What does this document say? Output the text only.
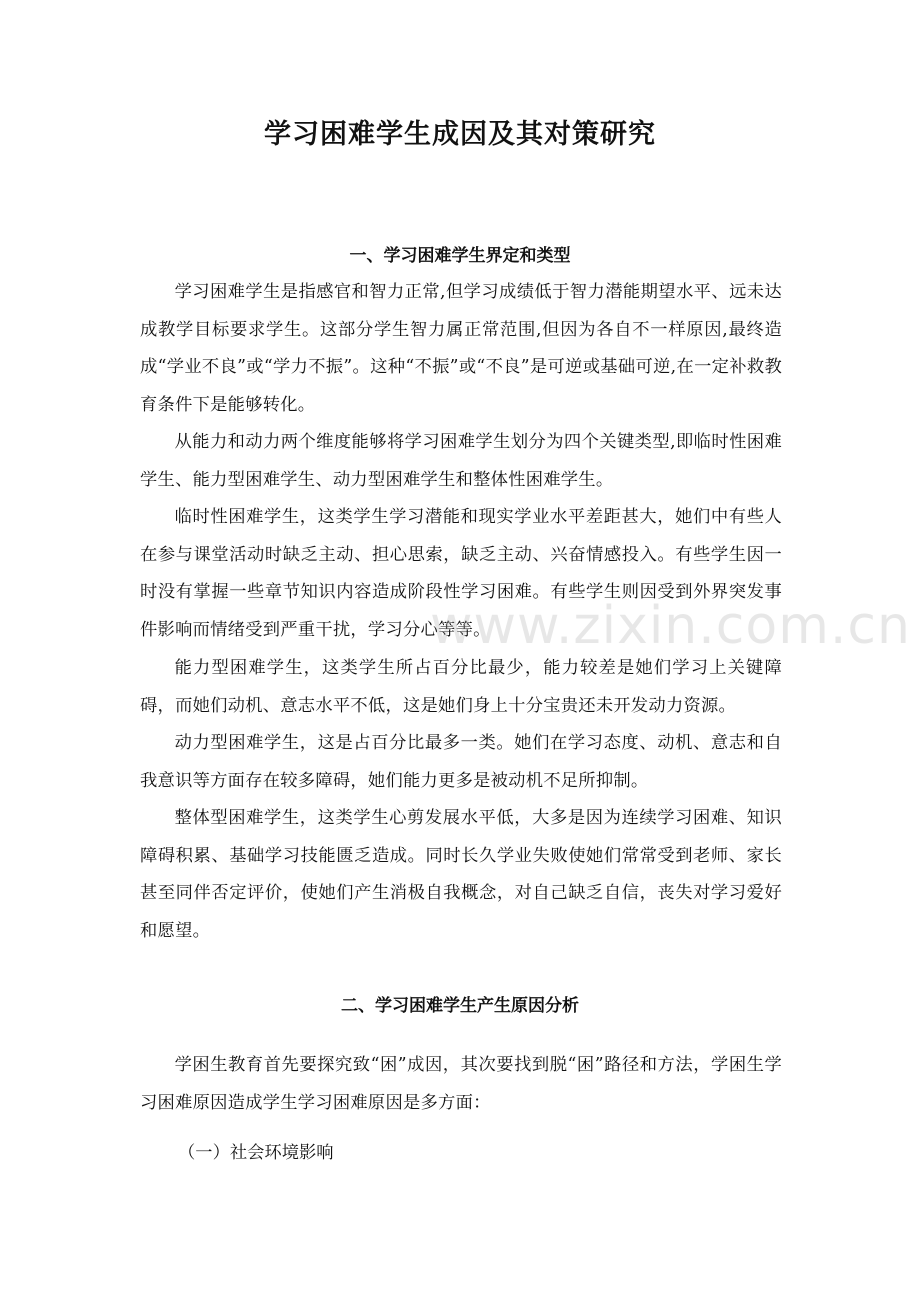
学习困难学生成因及其对策研究
一、学习困难学生界定和类型

学习困难学生是指感官和智力正常,但学习成绩低于智力潜能期望水平、远未达成教学目标要求学生。这部分学生智力属正常范围,但因为各自不一样原因,最终造成“学业不良”或“学力不振”。这种“不振”或“不良”是可逆或基础可逆,在一定补救教育条件下是能够转化。

从能力和动力两个维度能够将学习困难学生划分为四个关键类型,即临时性困难学生、能力型困难学生、动力型困难学生和整体性困难学生。

临时性困难学生，这类学生学习潜能和现实学业水平差距甚大，她们中有些人在参与课堂活动时缺乏主动、担心思索，缺乏主动、兴奋情感投入。有些学生因一时没有掌握一些章节知识内容造成阶段性学习困难。有些学生则因受到外界突发事件影响而情绪受到严重干扰，学习分心等等。

能力型困难学生，这类学生所占百分比最少，能力较差是她们学习上关键障碍，而她们动机、意志水平不低，这是她们身上十分宝贵还未开发动力资源。

动力型困难学生，这是占百分比最多一类。她们在学习态度、动机、意志和自我意识等方面存在较多障碍，她们能力更多是被动机不足所抑制。

整体型困难学生，这类学生心剪发展水平低，大多是因为连续学习困难、知识障碍积累、基础学习技能匮乏造成。同时长久学业失败使她们常常受到老师、家长甚至同伴否定评价，使她们产生消极自我概念，对自己缺乏自信，丧失对学习爱好和愿望。

二、学习困难学生产生原因分析

学困生教育首先要探究致“困”成因，其次要找到脱“困”路径和方法，学困生学习困难原因造成学生学习困难原因是多方面：

（一）社会环境影响

www.zixin.com.cn
